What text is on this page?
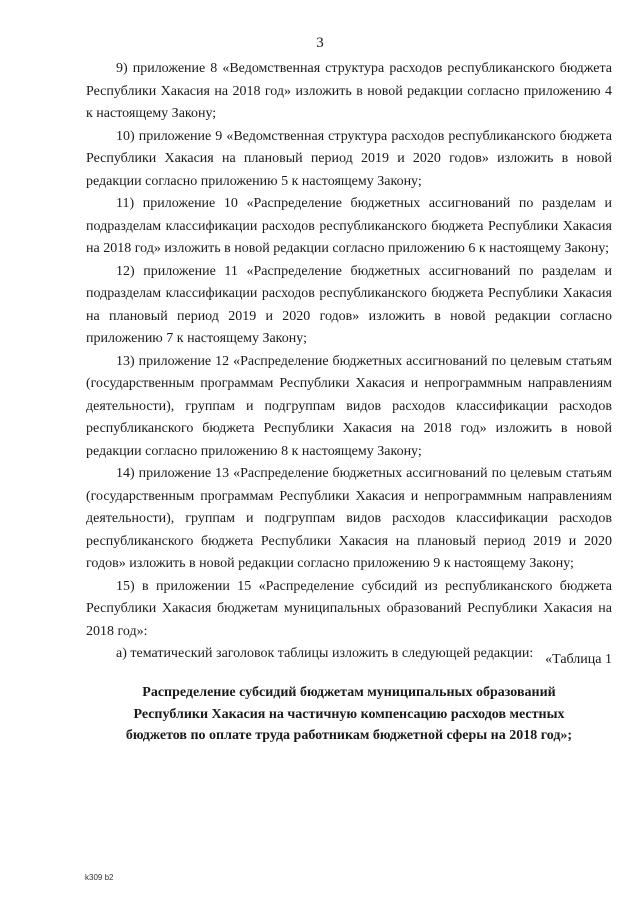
3

9) приложение 8 «Ведомственная структура расходов республиканского бюджета Республики Хакасия на 2018 год» изложить в новой редакции согласно приложению 4 к настоящему Закону;

10) приложение 9 «Ведомственная структура расходов республиканского бюджета Республики Хакасия на плановый период 2019 и 2020 годов» изложить в новой редакции согласно приложению 5 к настоящему Закону;

11) приложение 10 «Распределение бюджетных ассигнований по разделам и подразделам классификации расходов республиканского бюджета Республики Хакасия на 2018 год» изложить в новой редакции согласно приложению 6 к настоящему Закону;

12) приложение 11 «Распределение бюджетных ассигнований по разделам и подразделам классификации расходов республиканского бюджета Республики Хакасия на плановый период 2019 и 2020 годов» изложить в новой редакции согласно приложению 7 к настоящему Закону;

13) приложение 12 «Распределение бюджетных ассигнований по целевым статьям (государственным программам Республики Хакасия и непрограммным направлениям деятельности), группам и подгруппам видов расходов классификации расходов республиканского бюджета Республики Хакасия на 2018 год» изложить в новой редакции согласно приложению 8 к настоящему Закону;

14) приложение 13 «Распределение бюджетных ассигнований по целевым статьям (государственным программам Республики Хакасия и непрограммным направлениям деятельности), группам и подгруппам видов расходов классификации расходов республиканского бюджета Республики Хакасия на плановый период 2019 и 2020 годов» изложить в новой редакции согласно приложению 9 к настоящему Закону;

15) в приложении 15 «Распределение субсидий из республиканского бюджета Республики Хакасия бюджетам муниципальных образований Республики Хакасия на 2018 год»:

а) тематический заголовок таблицы изложить в следующей редакции: «Таблица 1
Распределение субсидий бюджетам муниципальных образований
Республики Хакасия на частичную компенсацию расходов местных
бюджетов по оплате труда работникам бюджетной сферы на 2018 год»;
k309 b2
